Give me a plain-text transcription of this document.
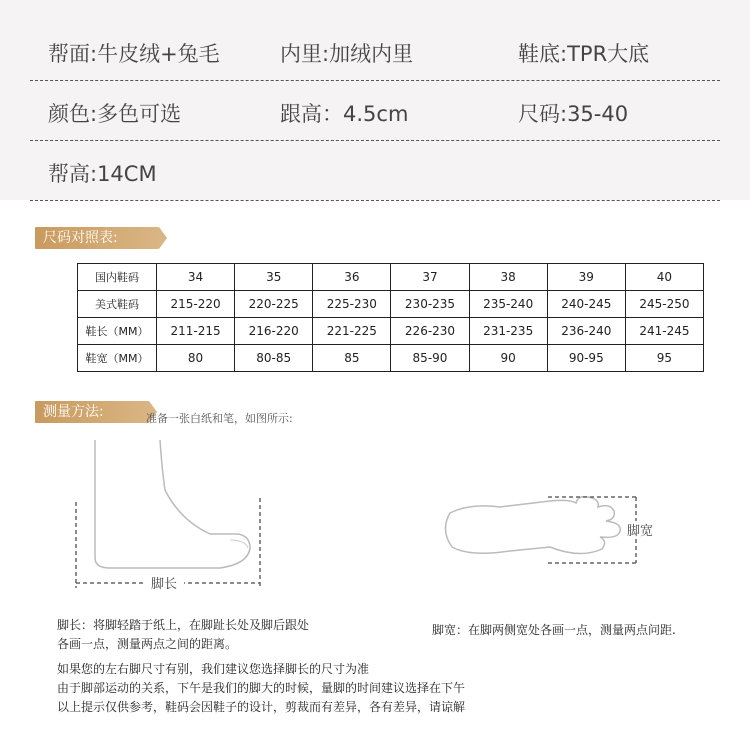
帮面:牛皮绒+兔毛	内里:加绒内里	鞋底:TPR大底
颜色:多色可选	跟高：4.5cm	尺码:35-40
帮高:14CM
尺码对照表:
国内鞋码	34	35	36	37	38	39	40
美式鞋码	215-220	220-225	225-230	230-235	235-240	240-245	245-250
鞋长（MM）	211-215	216-220	221-225	226-230	231-235	236-240	241-245
鞋宽（MM）	80	80-85	85	85-90	90	90-95	95
测量方法:	准备一张白纸和笔，如图所示:
脚长
脚宽
脚长：将脚轻踏于纸上，在脚趾长处及脚后跟处
各画一点，测量两点之间的距离。
脚宽：在脚两侧宽处各画一点，测量两点问距.
如果您的左右脚尺寸有别，我们建议您选择脚长的尺寸为准
由于脚部运动的关系，下午是我们的脚大的时候，量脚的时间建议选择在下午
以上提示仅供参考，鞋码会因鞋子的设计，剪裁而有差异，各有差异，请谅解
